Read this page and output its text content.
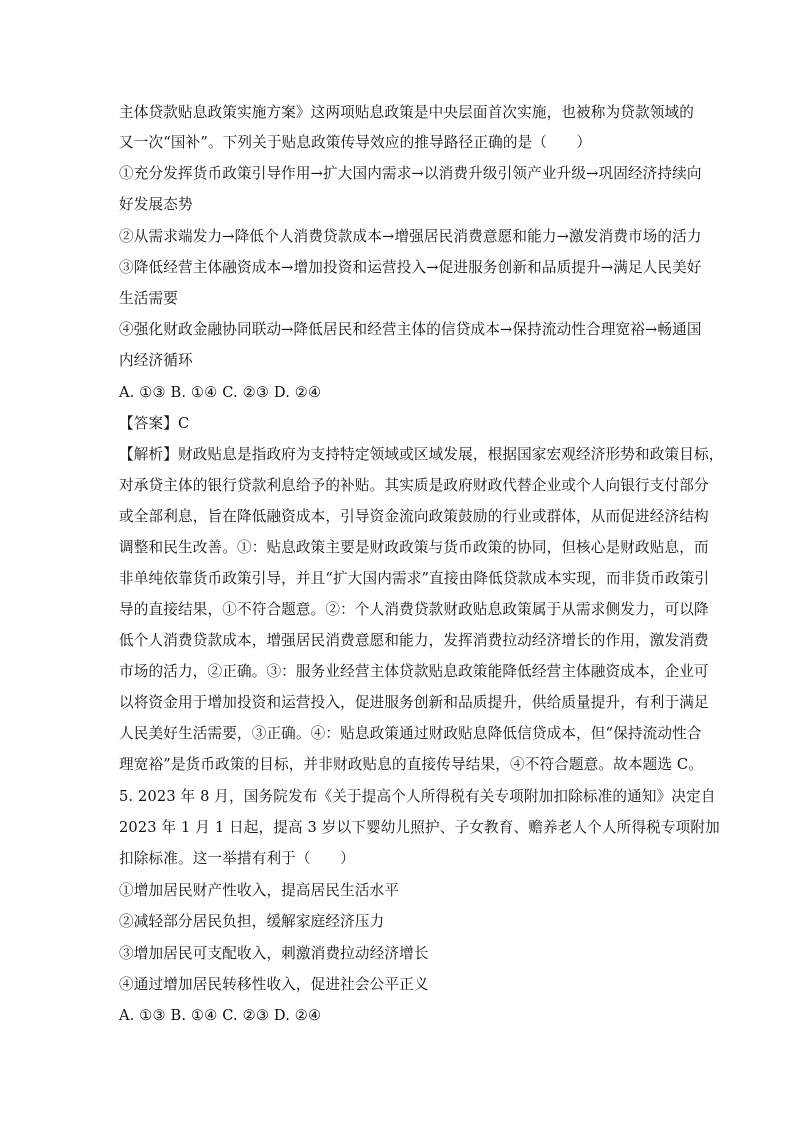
主体贷款贴息政策实施方案》这两项贴息政策是中央层面首次实施，也被称为贷款领域的
又一次“国补”。下列关于贴息政策传导效应的推导路径正确的是（　　）
①充分发挥货币政策引导作用→扩大国内需求→以消费升级引领产业升级→巩固经济持续向
好发展态势
②从需求端发力→降低个人消费贷款成本→增强居民消费意愿和能力→激发消费市场的活力
③降低经营主体融资成本→增加投资和运营投入→促进服务创新和品质提升→满足人民美好
生活需要
④强化财政金融协同联动→降低居民和经营主体的信贷成本→保持流动性合理宽裕→畅通国
内经济循环
A. ①③ B. ①④ C. ②③ D. ②④
【答案】C
【解析】财政贴息是指政府为支持特定领域或区域发展，根据国家宏观经济形势和政策目标，
对承贷主体的银行贷款利息给予的补贴。其实质是政府财政代替企业或个人向银行支付部分
或全部利息，旨在降低融资成本，引导资金流向政策鼓励的行业或群体，从而促进经济结构
调整和民生改善。①：贴息政策主要是财政政策与货币政策的协同，但核心是财政贴息，而
非单纯依靠货币政策引导，并且“扩大国内需求”直接由降低贷款成本实现，而非货币政策引
导的直接结果，①不符合题意。②：个人消费贷款财政贴息政策属于从需求侧发力，可以降
低个人消费贷款成本，增强居民消费意愿和能力，发挥消费拉动经济增长的作用，激发消费
市场的活力，②正确。③：服务业经营主体贷款贴息政策能降低经营主体融资成本，企业可
以将资金用于增加投资和运营投入，促进服务创新和品质提升，供给质量提升，有利于满足
人民美好生活需要，③正确。④：贴息政策通过财政贴息降低信贷成本，但“保持流动性合
理宽裕”是货币政策的目标，并非财政贴息的直接传导结果，④不符合题意。故本题选 C。
5. 2023 年 8 月，国务院发布《关于提高个人所得税有关专项附加扣除标准的通知》决定自
2023 年 1 月 1 日起，提高 3 岁以下婴幼儿照护、子女教育、赡养老人个人所得税专项附加
扣除标准。这一举措有利于（　　）
①增加居民财产性收入，提高居民生活水平
②减轻部分居民负担，缓解家庭经济压力
③增加居民可支配收入，刺激消费拉动经济增长
④通过增加居民转移性收入，促进社会公平正义
A. ①③ B. ①④ C. ②③ D. ②④
